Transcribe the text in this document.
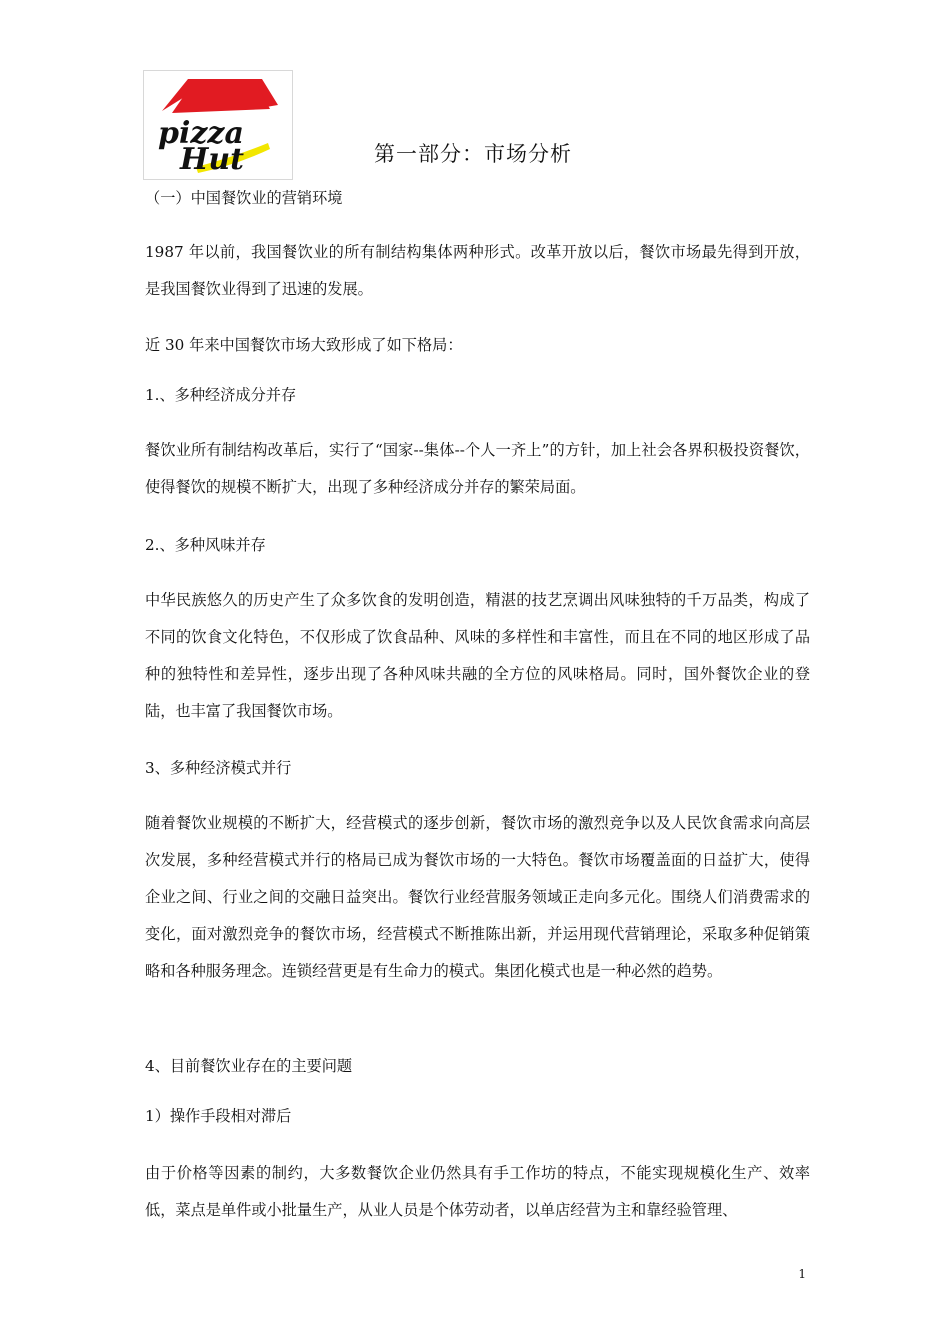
pizza
Hut	第一部分：市场分析

（一）中国餐饮业的营销环境

1987 年以前，我国餐饮业的所有制结构集体两种形式。改革开放以后，餐饮市场最先得到开放，是我国餐饮业得到了迅速的发展。

近 30 年来中国餐饮市场大致形成了如下格局：

1.、多种经济成分并存

餐饮业所有制结构改革后，实行了“国家--集体--个人一齐上”的方针，加上社会各界积极投资餐饮，使得餐饮的规模不断扩大，出现了多种经济成分并存的繁荣局面。

2.、多种风味并存

中华民族悠久的历史产生了众多饮食的发明创造，精湛的技艺烹调出风味独特的千万品类，构成了不同的饮食文化特色，不仅形成了饮食品种、风味的多样性和丰富性，而且在不同的地区形成了品种的独特性和差异性，逐步出现了各种风味共融的全方位的风味格局。同时，国外餐饮企业的登陆，也丰富了我国餐饮市场。

3、多种经济模式并行

随着餐饮业规模的不断扩大，经营模式的逐步创新，餐饮市场的激烈竞争以及人民饮食需求向高层次发展，多种经营模式并行的格局已成为餐饮市场的一大特色。餐饮市场覆盖面的日益扩大，使得企业之间、行业之间的交融日益突出。餐饮行业经营服务领域正走向多元化。围绕人们消费需求的变化，面对激烈竞争的餐饮市场，经营模式不断推陈出新，并运用现代营销理论，采取多种促销策略和各种服务理念。连锁经营更是有生命力的模式。集团化模式也是一种必然的趋势。

4、目前餐饮业存在的主要问题

1）操作手段相对滞后

由于价格等因素的制约，大多数餐饮企业仍然具有手工作坊的特点，不能实现规模化生产、效率低，菜点是单件或小批量生产，从业人员是个体劳动者，以单店经营为主和靠经验管理、

1
